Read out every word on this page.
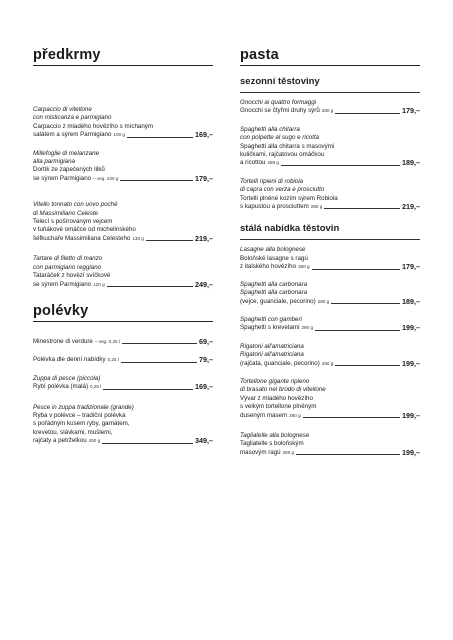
předkrmy
Carpaccio di vitellone
con misticanza e parmigiano
Carpaccio z mladého hovězího s míchaným
salátem a sýrem Parmigiano 100 g	169,–
Millefoglie di melanzane
alla parmigiana
Dortík ze zapečených lilků
se sýrem Parmigiano – veg. 220 g	179,–
Vitello tonnato con uovo poché
di Massimiliano Celeste
Telecí s pošírovaným vejcem
v tuňákové omáčce od michelinského
šéfkuchaře Massimiliana Celesteho 130 g	219,–
Tartare di filetto di manzo
con parmigiano reggiano
Tataráček z hovězí svíčkové
se sýrem Parmigiano 120 g	249,–
polévky
Minestrone di verdure – veg. 0,25 l	69,–
Polévka dle denní nabídky 0,25 l	79,–
Zuppa di pesce (piccola)
Rybí polévka (malá) 0,25 l	169,–
Pesce in zuppa tradizionale (grande)
Ryba v polévce – tradiční polévka
s pořádným kusem ryby, garnátem,
krevetou, slávkami, mušlemi,
rajčaty a petrželkou 450 g	349,–
pasta
sezonní těstoviny
Gnocchi ai quattro formaggi
Gnocchi se čtyřmi druhy sýrů 280 g	179,–
Spaghetti alla chitarra
con polpette al sugo e ricotta
Spaghetti alla chitarra s masovými
kuličkami, rajčatovou omáčkou
a ricottou 280 g	189,–
Tortelli ripieni di robiola
di capra con verza e prosciutto
Tortelli plněné kozím sýrem Robiola
s kapustou a prosciuttem 280 g	219,–
stálá nabídka těstovin
Lasagne alla bolognese
Boloňské lasagne s ragú
z italského hovězího 350 g	179,–
Spaghetti alla carbonara
Spaghetti alla carbonara
(vejce, guanciale, pecorino) 280 g	189,–
Spaghetti con gamberi
Spaghetti s krevetami 290 g	199,–
Rigatoni all'amatriciana
Rigatoni all'amatriciana
(rajčata, guanciale, pecorino) 280 g	199,–
Tortellone gigante ripieno
di brasato nel brodo di vitellone
Vývar z mladého hovězího
s velkým tortellone plněným
duseným masem 280 g	199,–
Tagliatelle alla bolognese
Tagliatelle s boloňským
masovým ragú 260 g	199,–
